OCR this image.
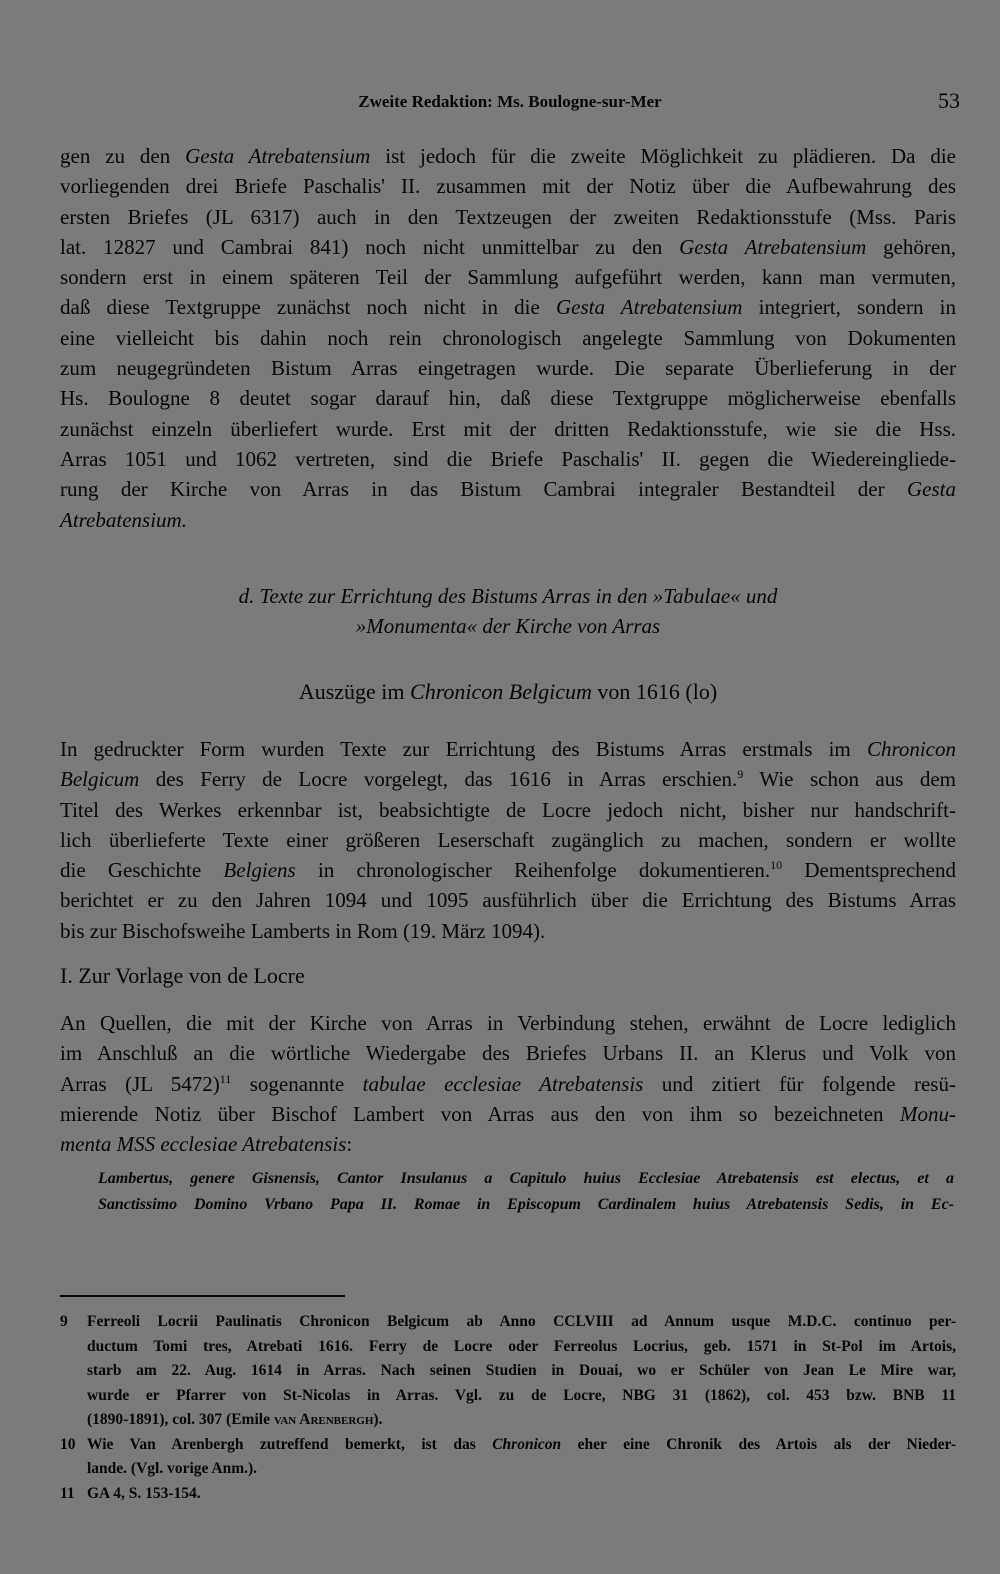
Zweite Redaktion: Ms. Boulogne-sur-Mer	53
gen zu den Gesta Atrebatensium ist jedoch für die zweite Möglichkeit zu plädieren. Da die
vorliegenden drei Briefe Paschalis' II. zusammen mit der Notiz über die Aufbewahrung des
ersten Briefes (JL 6317) auch in den Textzeugen der zweiten Redaktionsstufe (Mss. Paris
lat. 12827 und Cambrai 841) noch nicht unmittelbar zu den Gesta Atrebatensium gehören,
sondern erst in einem späteren Teil der Sammlung aufgeführt werden, kann man vermuten,
daß diese Textgruppe zunächst noch nicht in die Gesta Atrebatensium integriert, sondern in
eine vielleicht bis dahin noch rein chronologisch angelegte Sammlung von Dokumenten
zum neugegründeten Bistum Arras eingetragen wurde. Die separate Überlieferung in der
Hs. Boulogne 8 deutet sogar darauf hin, daß diese Textgruppe möglicherweise ebenfalls
zunächst einzeln überliefert wurde. Erst mit der dritten Redaktionsstufe, wie sie die Hss.
Arras 1051 und 1062 vertreten, sind die Briefe Paschalis' II. gegen die Wiedereingliede-
rung der Kirche von Arras in das Bistum Cambrai integraler Bestandteil der Gesta
Atrebatensium.
d. Texte zur Errichtung des Bistums Arras in den »Tabulae« und
»Monumenta« der Kirche von Arras
Auszüge im Chronicon Belgicum von 1616 (lo)
In gedruckter Form wurden Texte zur Errichtung des Bistums Arras erstmals im Chronicon
Belgicum des Ferry de Locre vorgelegt, das 1616 in Arras erschien.$^9$ Wie schon aus dem
Titel des Werkes erkennbar ist, beabsichtigte de Locre jedoch nicht, bisher nur handschrift-
lich überlieferte Texte einer größeren Leserschaft zugänglich zu machen, sondern er wollte
die Geschichte Belgiens in chronologischer Reihenfolge dokumentieren.$^{10}$ Dementsprechend
berichtet er zu den Jahren 1094 und 1095 ausführlich über die Errichtung des Bistums Arras
bis zur Bischofsweihe Lamberts in Rom (19. März 1094).
I. Zur Vorlage von de Locre
An Quellen, die mit der Kirche von Arras in Verbindung stehen, erwähnt de Locre lediglich
im Anschluß an die wörtliche Wiedergabe des Briefes Urbans II. an Klerus und Volk von
Arras (JL 5472)$^{11}$ sogenannte tabulae ecclesiae Atrebatensis und zitiert für folgende resü-
mierende Notiz über Bischof Lambert von Arras aus den von ihm so bezeichneten Monu-
menta MSS ecclesiae Atrebatensis:
Lambertus, genere Gisnensis, Cantor Insulanus a Capitulo huius Ecclesiae Atrebatensis est electus, et a
Sanctissimo Domino Vrbano Papa II. Romae in Episcopum Cardinalem huius Atrebatensis Sedis, in Ec-
9 Ferreoli Locrii Paulinatis Chronicon Belgicum ab Anno CCLVIII ad Annum usque M.D.C. continuo per-
ductum Tomi tres, Atrebati 1616. Ferry de Locre oder Ferreolus Locrius, geb. 1571 in St-Pol im Artois,
starb am 22. Aug. 1614 in Arras. Nach seinen Studien in Douai, wo er Schüler von Jean Le Mire war,
wurde er Pfarrer von St-Nicolas in Arras. Vgl. zu de Locre, NBG 31 (1862), col. 453 bzw. BNB 11
(1890-1891), col. 307 (Emile van Arenbergh).
10 Wie Van Arenbergh zutreffend bemerkt, ist das Chronicon eher eine Chronik des Artois als der Nieder-
lande. (Vgl. vorige Anm.).
11 GA 4, S. 153-154.
